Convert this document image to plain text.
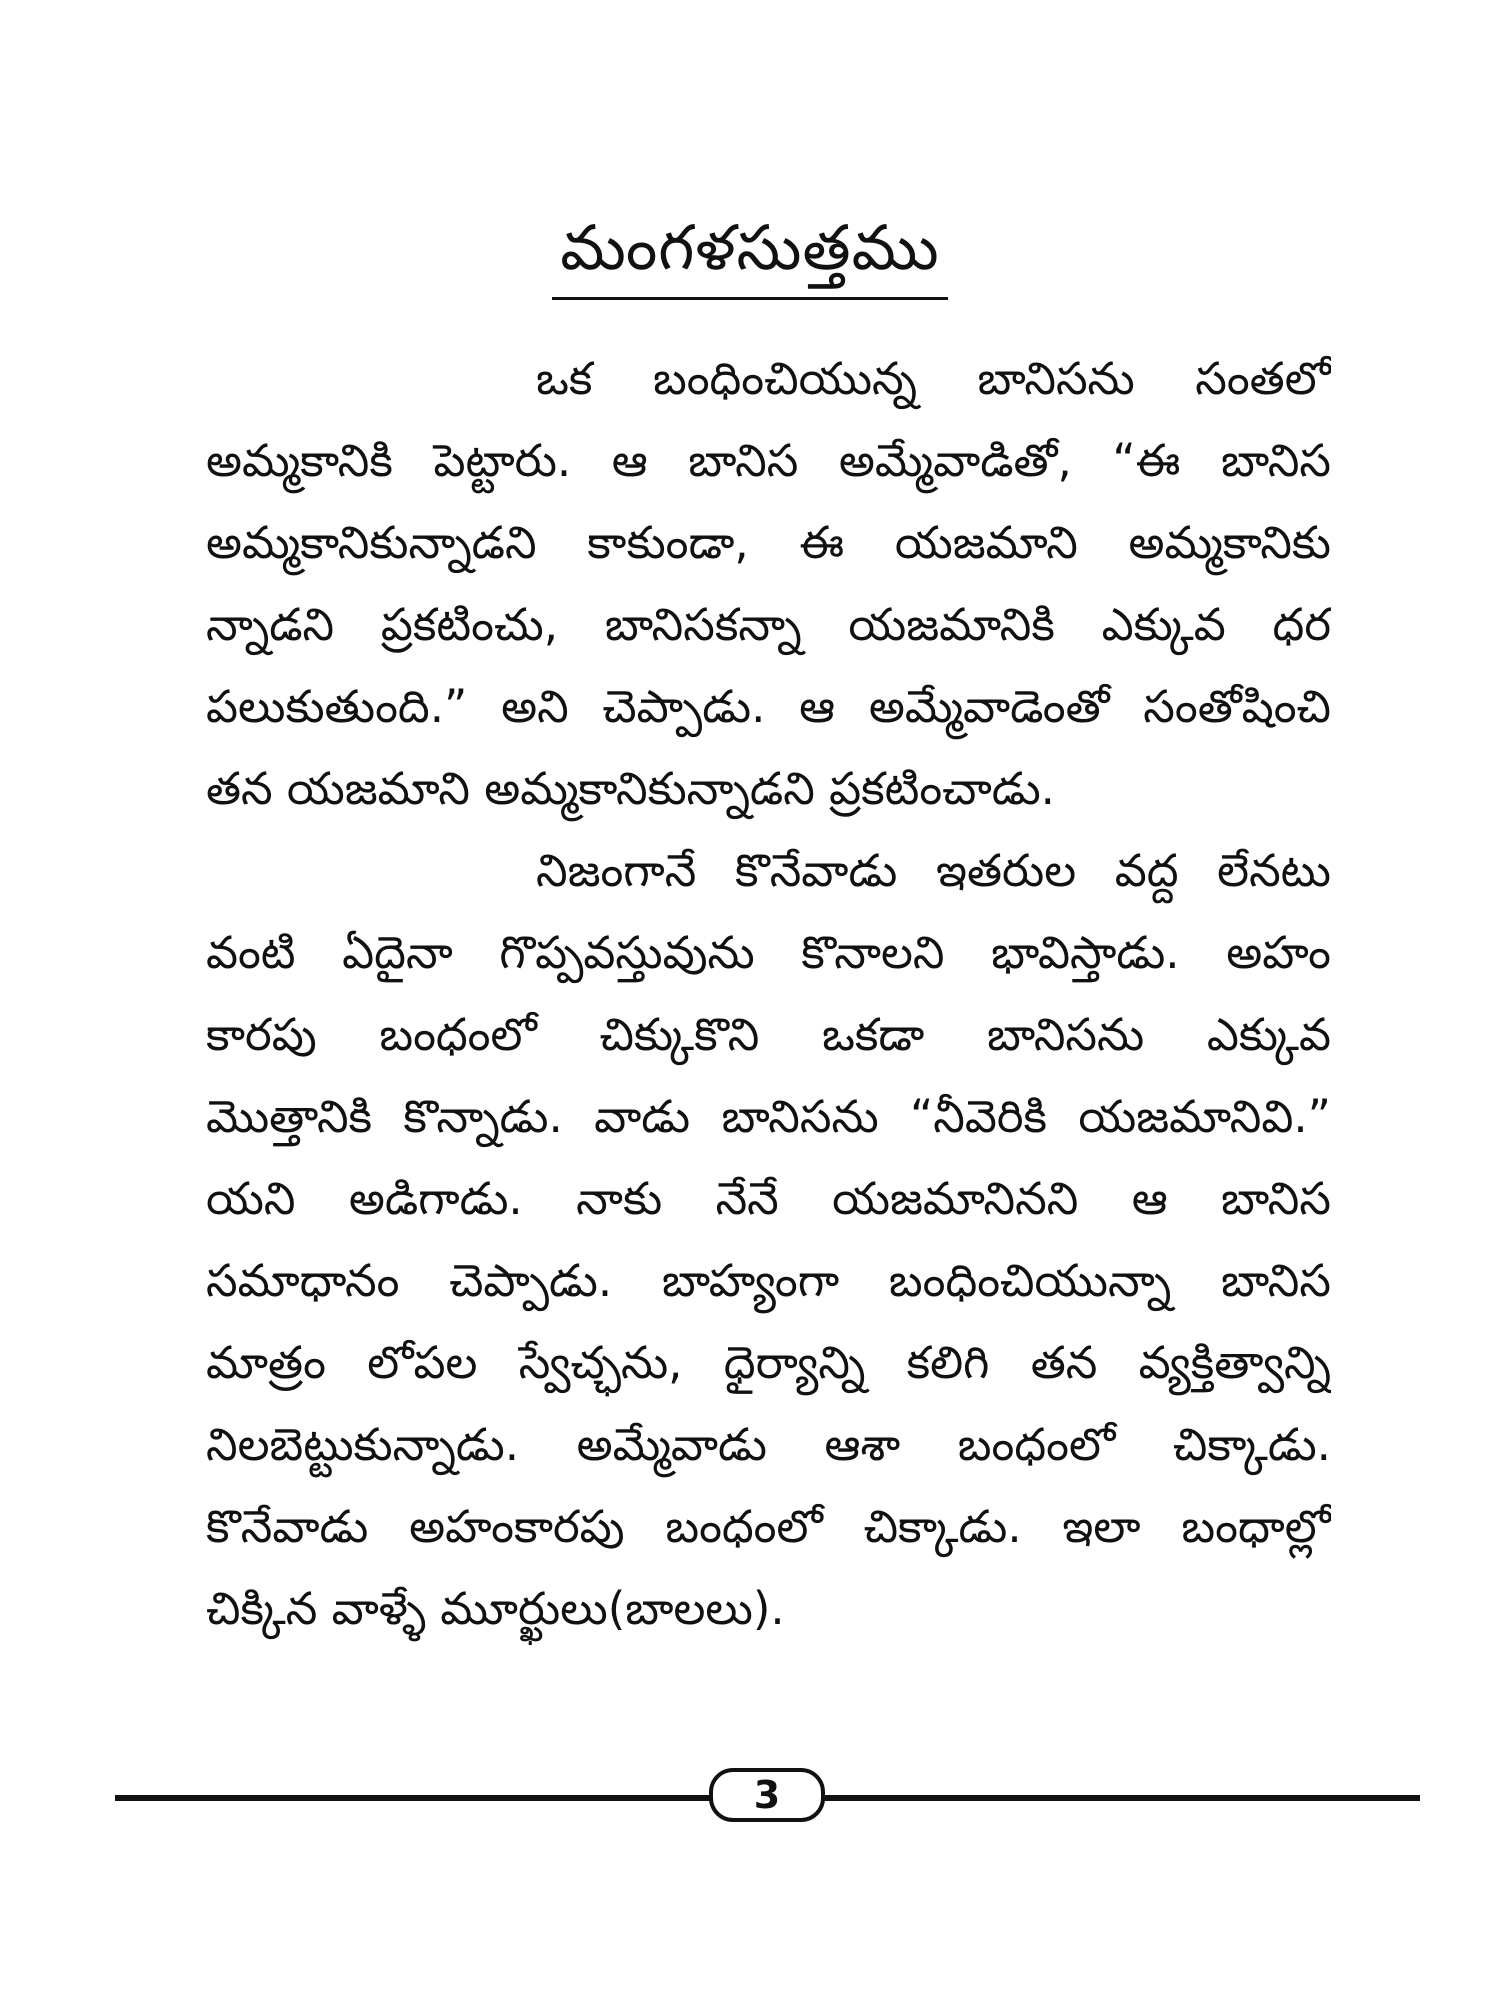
మంగళసుత్తము
ఒక బంధించియున్న బానిసను సంతలో
అమ్మకానికి పెట్టారు. ఆ బానిస అమ్మేవాడితో, “ఈ బానిస
అమ్మకానికున్నాడని కాకుండా, ఈ యజమాని అమ్మకానికు
న్నాడని ప్రకటించు, బానిసకన్నా యజమానికి ఎక్కువ ధర
పలుకుతుంది.” అని చెప్పాడు. ఆ అమ్మేవాడెంతో సంతోషించి
తన యజమాని అమ్మకానికున్నాడని ప్రకటించాడు.
నిజంగానే కొనేవాడు ఇతరుల వద్ద లేనటు
వంటి ఏదైనా గొప్పవస్తువును కొనాలని భావిస్తాడు. అహం
కారపు బంధంలో చిక్కుకొని ఒకడా బానిసను ఎక్కువ
మొత్తానికి కొన్నాడు. వాడు బానిసను “నీవెరికి యజమానివి.”
యని అడిగాడు. నాకు నేనే యజమానినని ఆ బానిస
సమాధానం చెప్పాడు. బాహ్యంగా బంధించియున్నా బానిస
మాత్రం లోపల స్వేచ్ఛను, ధైర్యాన్ని కలిగి తన వ్యక్తిత్వాన్ని
నిలబెట్టుకున్నాడు. అమ్మేవాడు ఆశా బంధంలో చిక్కాడు.
కొనేవాడు అహంకారపు బంధంలో చిక్కాడు. ఇలా బంధాల్లో
చిక్కిన వాళ్ళే మూర్ఖులు(బాలలు).
3
